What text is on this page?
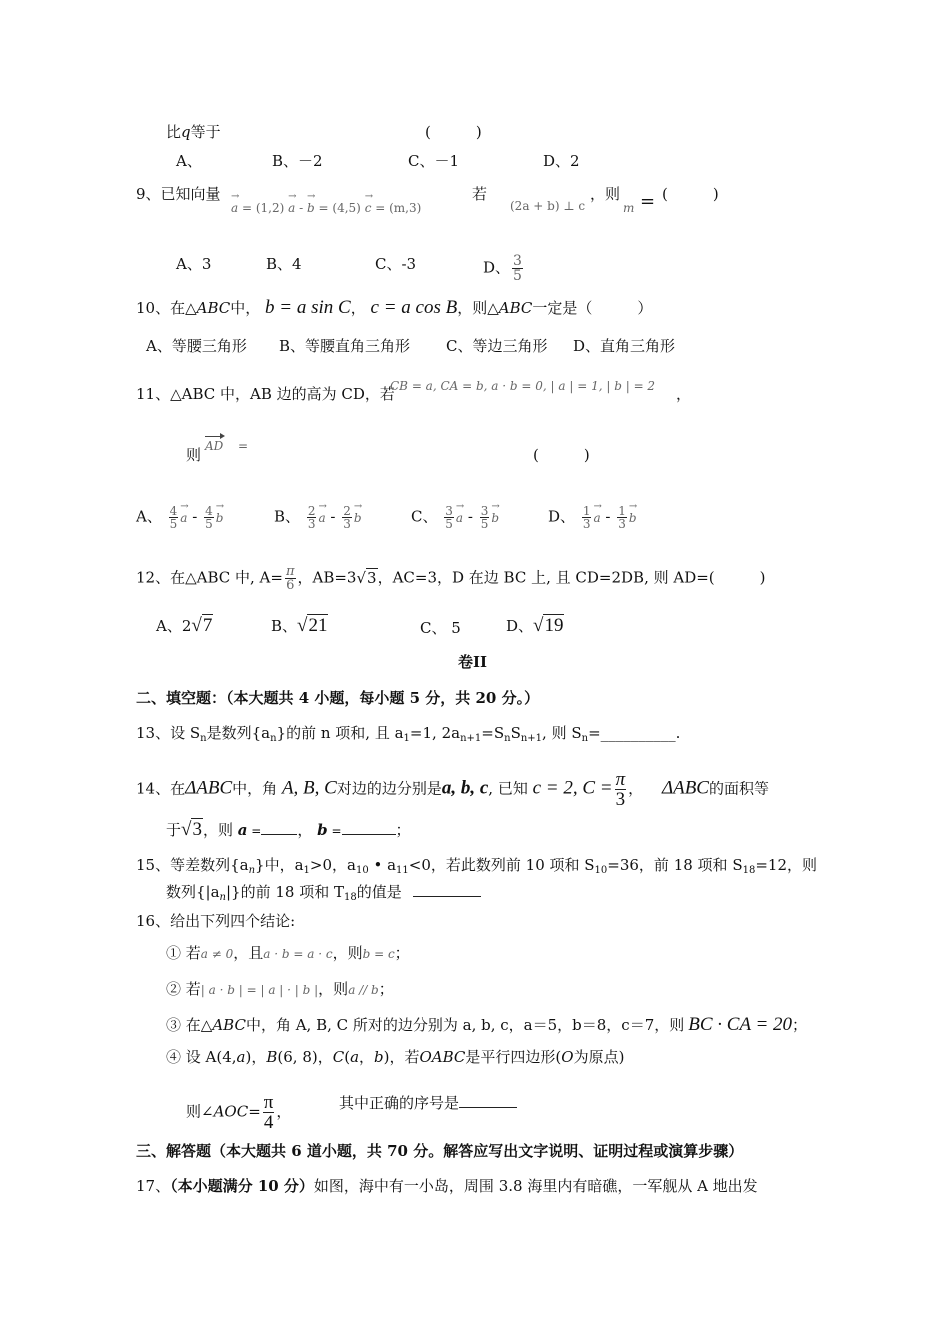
比q等于	(　　　)
A、	B、－2	C、－1	D、2
9、已知向量
→ a = (1,2) → a - → b = (4,5) → c = (m,3)
若
(2a + b) ⊥ c
，则
m = (　　　)
A、3	B、4	C、-3	D、 $\frac{3}{5}$
10、在△ABC中， b = a sin C， c = a cos B，则△ABC一定是（　　　）
A、等腰三角形 B、等腰直角三角形 C、等边三角形 D、直角三角形
11、△ABC 中，AB 边的高为 CD，若
CB = a, CA = b, a · b = 0, | a | = 1, | b | = 2 ，
则 AD =	(　　　)
A、 $\frac{4}{5}$
→ a - $\frac{4}{5}$
→ b	B、 $\frac{2}{3}$
→ a - $\frac{2}{3}$
→ b	C、 $\frac{3}{5}$
→ a - $\frac{3}{5}$
→ b	D、 $\frac{1}{3}$
→ a - $\frac{1}{3}$
→ b
12、在△ABC 中, $A= \frac{\pi}{6}$ ，AB=3√3，AC=3，D 在边 BC 上, 且 CD=2DB, 则 AD=(　　　)
A、2√7	B、√21	C、 5	D、√19
卷II
二、填空题：（本大题共 4 小题，每小题 5 分，共 20 分。）
13、设 $S_n$是数列$\{a_n\}$的前 n 项和, 且 $a_1=1$, $2a_{n+1}=S_nS_{n+1}$, 则 $S_n=\_\_\_\_\_\_\_\_\_\_$.
14、在ΔABC中，角 A, B, C对边的边分别是a, b, c, 已知 c = 2, $C = \frac{\pi}{3}$ ， ΔABC的面积等
于√3，则 a = ， b =	；
15、等差数列$\{a_n\}$中，$a_1>0$，$a_{10}$ • $a_{11}<0$，若此数列前 10 项和 $S_{10}=36$，前 18 项和 $S_{18}=12$，则
数列$\{|a_n|\}$的前 18 项和 $T_{18}$的值是
16、给出下列四个结论:
① 若a ≠ 0，且a · b = a · c，则b = c；
② 若| a · b | = | a | · | b |，则a // b；
③ 在△ABC中，角 A, B, C 所对的边分别为 a, b, c，a＝5，b＝8，c＝7，则 BC · CA = 20；
④ 设 A(4,a)，B(6, 8)，C(a，b)，若OABC是平行四边形(O为原点)
则∠AOC= $\frac{\pi}{4}$ ，	其中正确的序号是
三、解答题（本大题共 6 道小题，共 70 分。解答应写出文字说明、证明过程或演算步骤）
17、（本小题满分 10 分）如图，海中有一小岛，周围 3.8 海里内有暗礁，一军舰从 A 地出发
